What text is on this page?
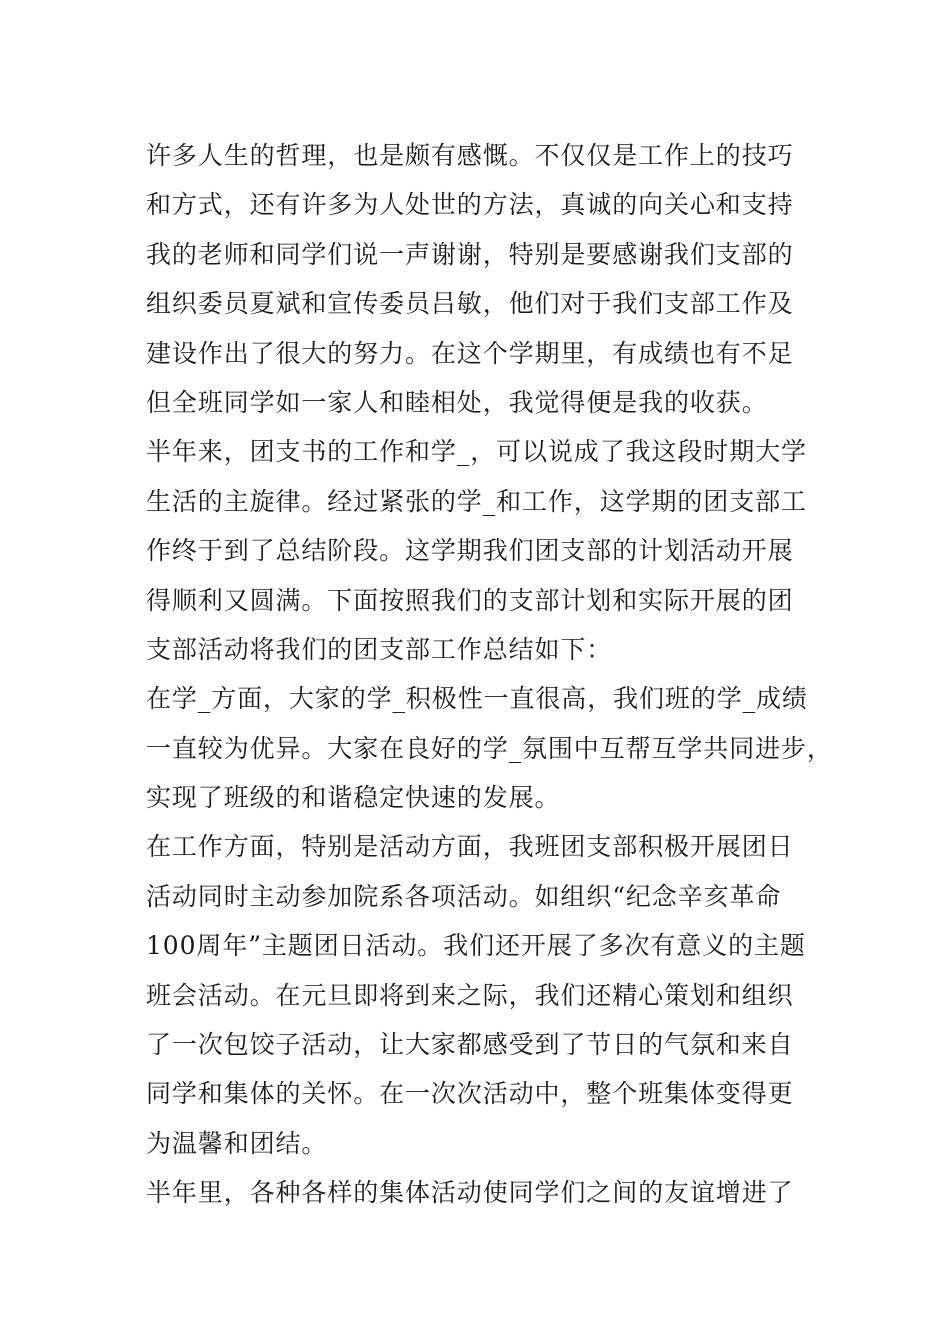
许多人生的哲理，也是颇有感慨。不仅仅是工作上的技巧
和方式，还有许多为人处世的方法，真诚的向关心和支持
我的老师和同学们说一声谢谢，特别是要感谢我们支部的
组织委员夏斌和宣传委员吕敏，他们对于我们支部工作及
建设作出了很大的努力。在这个学期里，有成绩也有不足
但全班同学如一家人和睦相处，我觉得便是我的收获。
半年来，团支书的工作和学_，可以说成了我这段时期大学
生活的主旋律。经过紧张的学_和工作，这学期的团支部工
作终于到了总结阶段。这学期我们团支部的计划活动开展
得顺利又圆满。下面按照我们的支部计划和实际开展的团
支部活动将我们的团支部工作总结如下：
在学_方面，大家的学_积极性一直很高，我们班的学_成绩
一直较为优异。大家在良好的学_氛围中互帮互学共同进步，
实现了班级的和谐稳定快速的发展。
在工作方面，特别是活动方面，我班团支部积极开展团日
活动同时主动参加院系各项活动。如组织“纪念辛亥革命
100周年”主题团日活动。我们还开展了多次有意义的主题
班会活动。在元旦即将到来之际，我们还精心策划和组织
了一次包饺子活动，让大家都感受到了节日的气氛和来自
同学和集体的关怀。在一次次活动中，整个班集体变得更
为温馨和团结。
半年里，各种各样的集体活动使同学们之间的友谊增进了
